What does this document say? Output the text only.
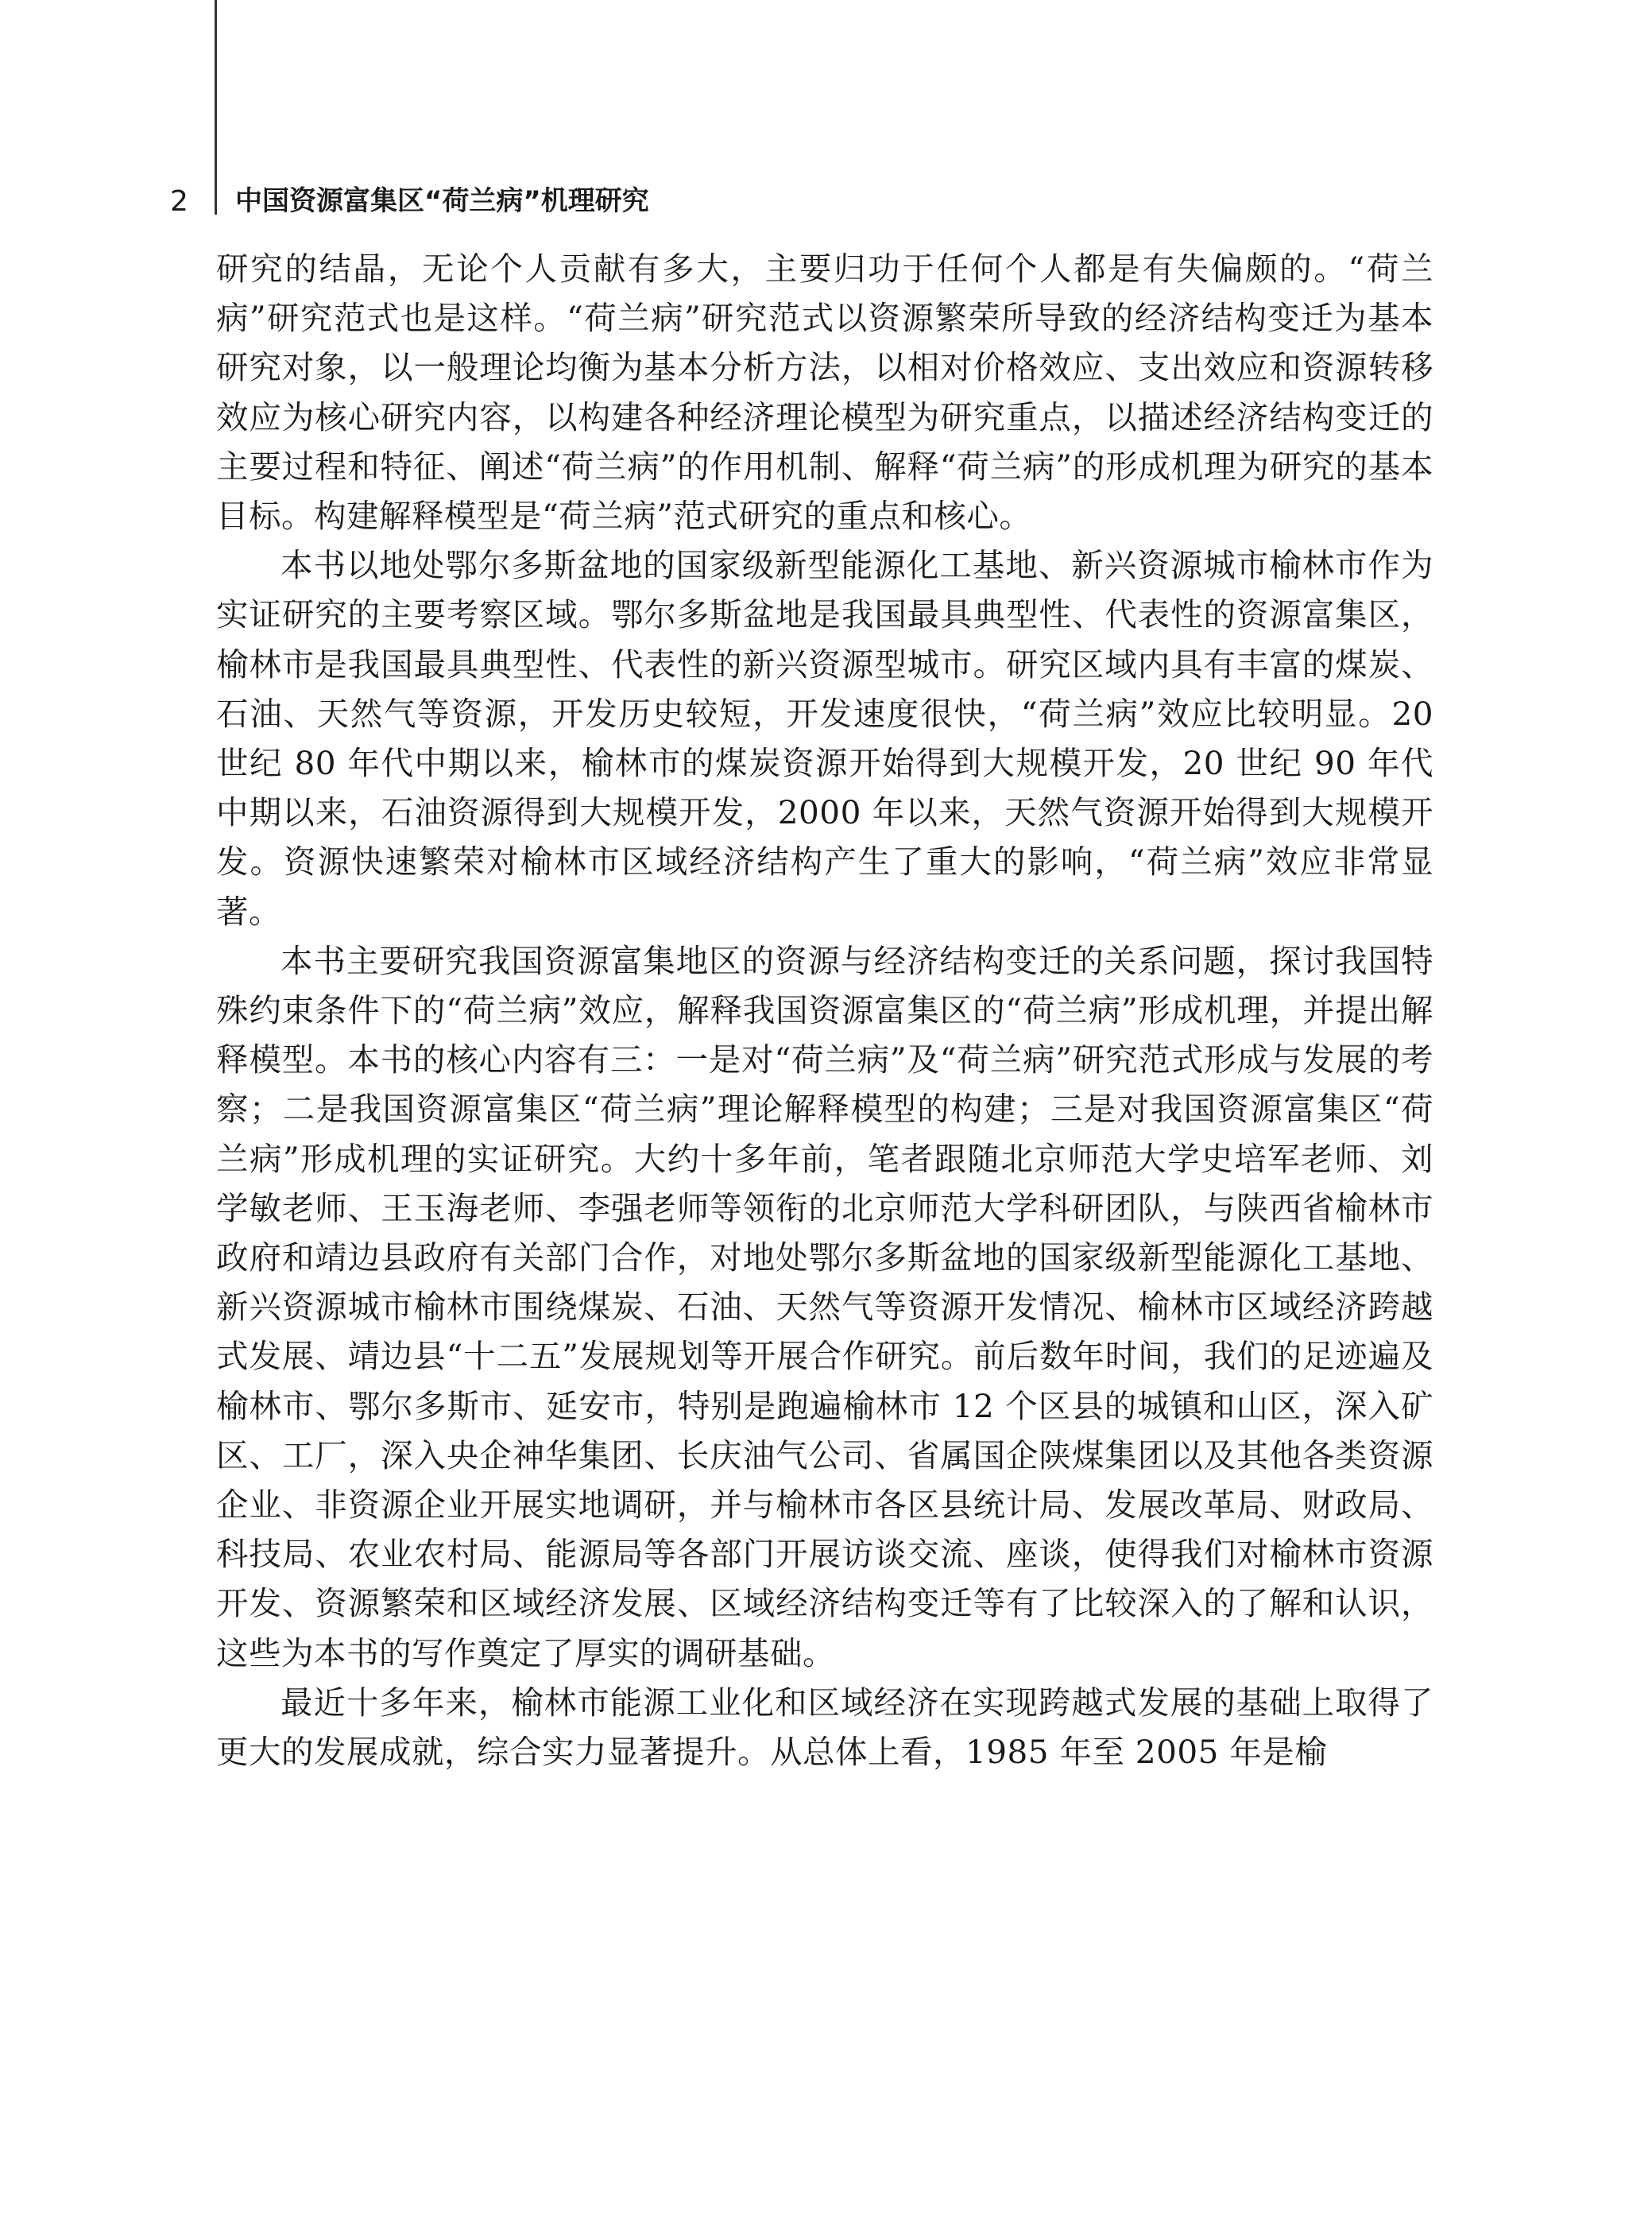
2 中国资源富集区“荷兰病”机理研究

研究的结晶，无论个人贡献有多大，主要归功于任何个人都是有失偏颇的。“荷兰病”研究范式也是这样。“荷兰病”研究范式以资源繁荣所导致的经济结构变迁为基本研究对象，以一般理论均衡为基本分析方法，以相对价格效应、支出效应和资源转移效应为核心研究内容，以构建各种经济理论模型为研究重点，以描述经济结构变迁的主要过程和特征、阐述“荷兰病”的作用机制、解释“荷兰病”的形成机理为研究的基本目标。构建解释模型是“荷兰病”范式研究的重点和核心。

本书以地处鄂尔多斯盆地的国家级新型能源化工基地、新兴资源城市榆林市作为实证研究的主要考察区域。鄂尔多斯盆地是我国最具典型性、代表性的资源富集区，榆林市是我国最具典型性、代表性的新兴资源型城市。研究区域内具有丰富的煤炭、石油、天然气等资源，开发历史较短，开发速度很快，“荷兰病”效应比较明显。20 世纪 80 年代中期以来，榆林市的煤炭资源开始得到大规模开发，20 世纪 90 年代中期以来，石油资源得到大规模开发，2000 年以来，天然气资源开始得到大规模开发。资源快速繁荣对榆林市区域经济结构产生了重大的影响，“荷兰病”效应非常显著。

本书主要研究我国资源富集地区的资源与经济结构变迁的关系问题，探讨我国特殊约束条件下的“荷兰病”效应，解释我国资源富集区的“荷兰病”形成机理，并提出解释模型。本书的核心内容有三：一是对“荷兰病”及“荷兰病”研究范式形成与发展的考察；二是我国资源富集区“荷兰病”理论解释模型的构建；三是对我国资源富集区“荷兰病”形成机理的实证研究。大约十多年前，笔者跟随北京师范大学史培军老师、刘学敏老师、王玉海老师、李强老师等领衔的北京师范大学科研团队，与陕西省榆林市政府和靖边县政府有关部门合作，对地处鄂尔多斯盆地的国家级新型能源化工基地、新兴资源城市榆林市围绕煤炭、石油、天然气等资源开发情况、榆林市区域经济跨越式发展、靖边县“十二五”发展规划等开展合作研究。前后数年时间，我们的足迹遍及榆林市、鄂尔多斯市、延安市，特别是跑遍榆林市 12 个区县的城镇和山区，深入矿区、工厂，深入央企神华集团、长庆油气公司、省属国企陕煤集团以及其他各类资源企业、非资源企业开展实地调研，并与榆林市各区县统计局、发展改革局、财政局、科技局、农业农村局、能源局等各部门开展访谈交流、座谈，使得我们对榆林市资源开发、资源繁荣和区域经济发展、区域经济结构变迁等有了比较深入的了解和认识，这些为本书的写作奠定了厚实的调研基础。

最近十多年来，榆林市能源工业化和区域经济在实现跨越式发展的基础上取得了更大的发展成就，综合实力显著提升。从总体上看，1985 年至 2005 年是榆
